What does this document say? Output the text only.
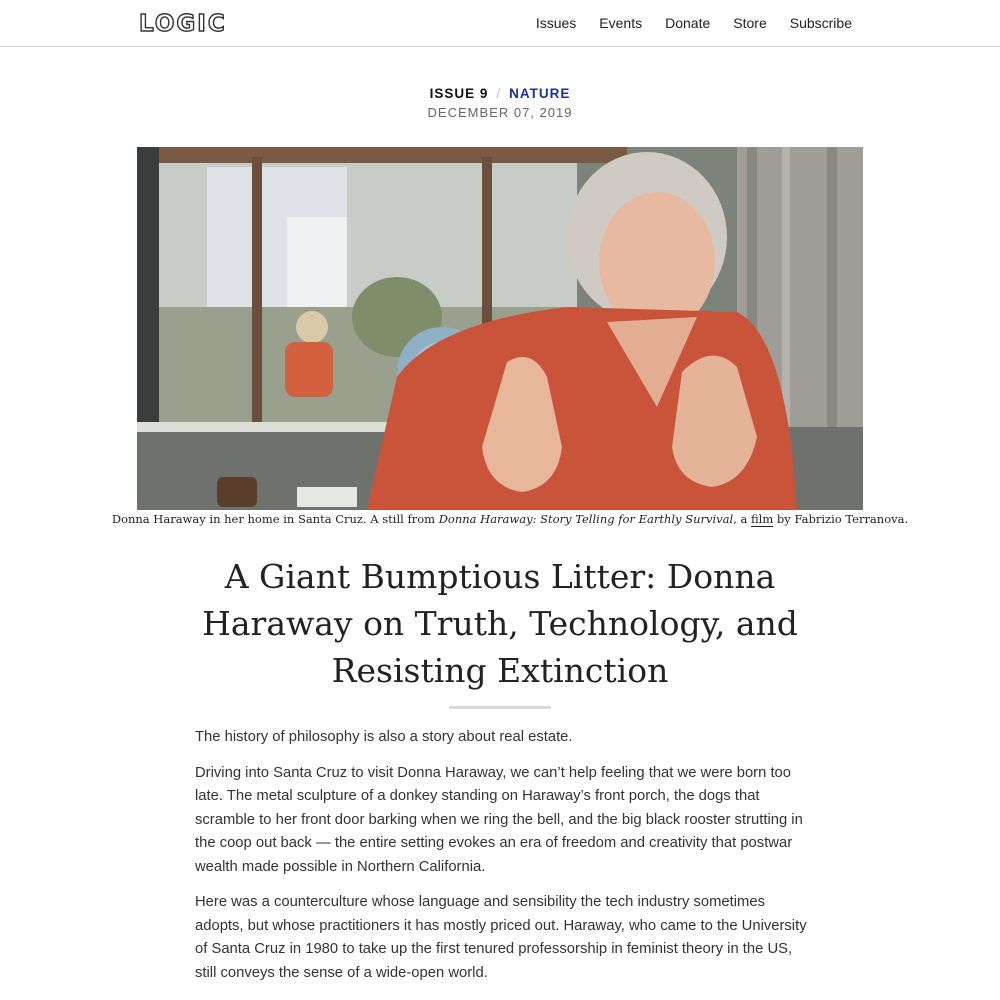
LOGIC	Issues Events Donate Store Subscribe
ISSUE 9 / NATURE
DECEMBER 07, 2019
Donna Haraway in her home in Santa Cruz. A still from Donna Haraway: Story Telling for Earthly Survival, a film by Fabrizio Terranova.
A Giant Bumptious Litter: Donna Haraway on Truth, Technology, and Resisting Extinction

The history of philosophy is also a story about real estate.

Driving into Santa Cruz to visit Donna Haraway, we can’t help feeling that we were born too late. The metal sculpture of a donkey standing on Haraway’s front porch, the dogs that scramble to her front door barking when we ring the bell, and the big black rooster strutting in the coop out back — the entire setting evokes an era of freedom and creativity that postwar wealth made possible in Northern California.

Here was a counterculture whose language and sensibility the tech industry sometimes adopts, but whose practitioners it has mostly priced out. Haraway, who came to the University of Santa Cruz in 1980 to take up the first tenured professorship in feminist theory in the US, still conveys the sense of a wide-open world.
